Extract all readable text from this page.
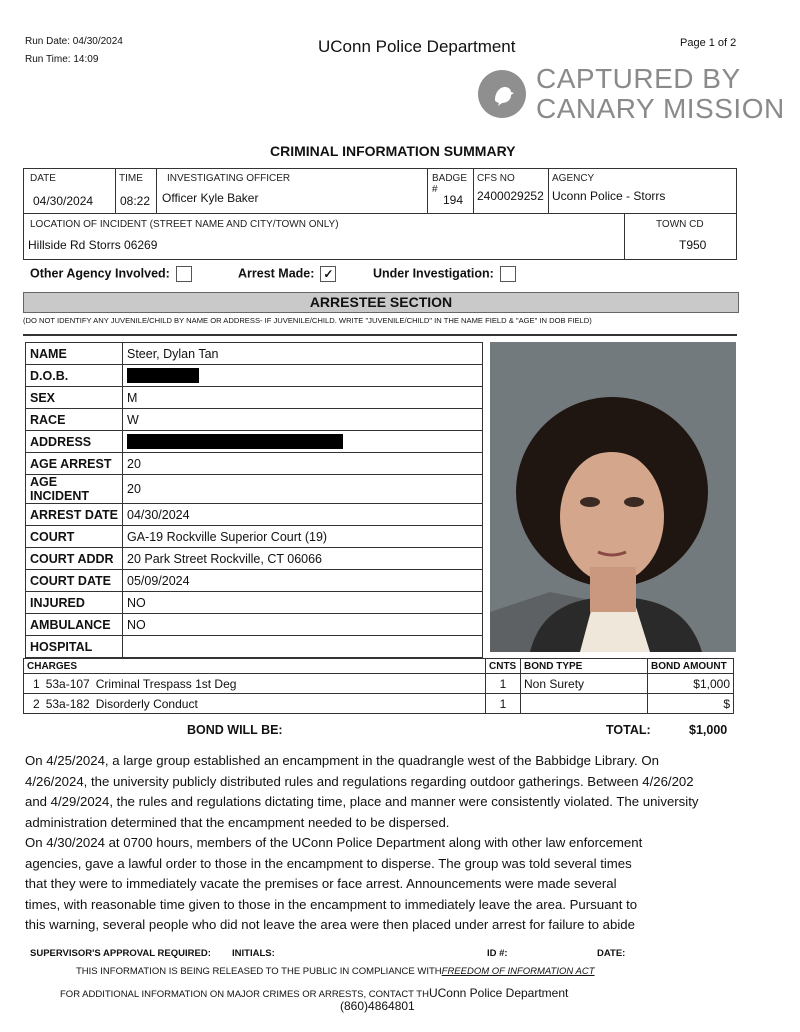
Run Date: 04/30/2024
Run Time: 14:09
UConn Police Department	Page 1 of 2
CAPTURED BY
CANARY MISSION
CRIMINAL INFORMATION SUMMARY
DATE
04/30/2024
TIME
08:22
INVESTIGATING OFFICER
Officer Kyle Baker
BADGE #
194
CFS NO
2400029252
AGENCY
Uconn Police - Storrs
LOCATION OF INCIDENT (STREET NAME AND CITY/TOWN ONLY)
Hillside Rd Storrs 06269
TOWN CD
T950
Other Agency Involved:	Arrest Made: ✓	Under Investigation:
ARRESTEE SECTION
(DO NOT IDENTIFY ANY JUVENILE/CHILD BY NAME OR ADDRESS- IF JUVENILE/CHILD. WRITE "JUVENILE/CHILD" IN THE NAME FIELD & "AGE" IN DOB FIELD)
NAME	Steer, Dylan Tan
D.O.B.	
SEX	M
RACE	W
ADDRESS	
AGE ARREST	20
AGE INCIDENT	20
ARREST DATE	04/30/2024
COURT	GA-19 Rockville Superior Court (19)
COURT ADDR	20 Park Street Rockville, CT 06066
COURT DATE	05/09/2024
INJURED	NO
AMBULANCE	NO
HOSPITAL	
CHARGES	CNTS	BOND TYPE	BOND AMOUNT
1 53a-107 Criminal Trespass 1st Deg	1	Non Surety	$1,000
2 53a-182 Disorderly Conduct	1		$
BOND WILL BE:	TOTAL:	$1,000
On 4/25/2024, a large group established an encampment in the quadrangle west of the Babbidge Library. On
4/26/2024, the university publicly distributed rules and regulations regarding outdoor gatherings. Between 4/26/202
and 4/29/2024, the rules and regulations dictating time, place and manner were consistently violated. The university
administration determined that the encampment needed to be dispersed.
On 4/30/2024 at 0700 hours, members of the UConn Police Department along with other law enforcement
agencies, gave a lawful order to those in the encampment to disperse. The group was told several times
that they were to immediately vacate the premises or face arrest. Announcements were made several
times, with reasonable time given to those in the encampment to immediately leave the area. Pursuant to
this warning, several people who did not leave the area were then placed under arrest for failure to abide
SUPERVISOR'S APPROVAL REQUIRED: INITIALS:	ID #:	DATE:
THIS INFORMATION IS BEING RELEASED TO THE PUBLIC IN COMPLIANCE WITHFREEDOM OF INFORMATION ACT
FOR ADDITIONAL INFORMATION ON MAJOR CRIMES OR ARRESTS, CONTACT THUConn Police Department
(860)4864801
